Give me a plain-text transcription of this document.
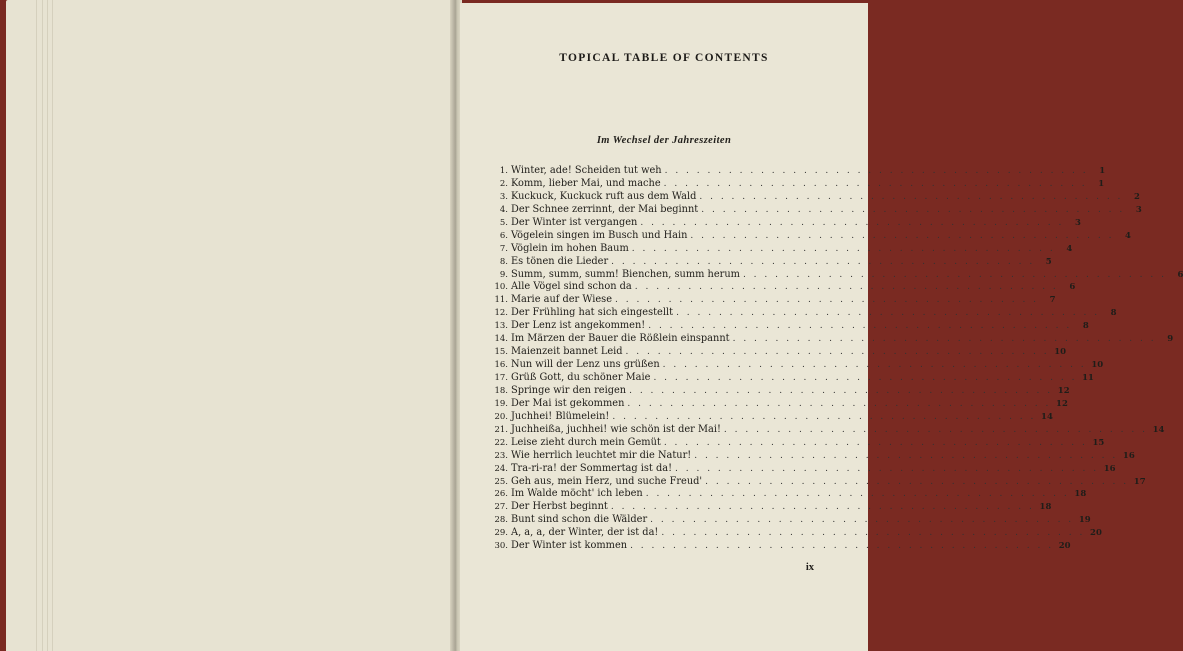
TOPICAL TABLE OF CONTENTS
Im Wechsel der Jahreszeiten
1. Winter, ade! Scheiden tut weh . . . . . . . . . . . . . . . . . . . . . . . . . . . . . . . . . . . . . . . .	1
2. Komm, lieber Mai, und mache . . . . . . . . . . . . . . . . . . . . . . . . . . . . . . . . . . . . . . . .	1
3. Kuckuck, Kuckuck ruft aus dem Wald . . . . . . . . . . . . . . . . . . . . . . . . . . . . . . . . . . . . . . . .	2
4. Der Schnee zerrinnt, der Mai beginnt . . . . . . . . . . . . . . . . . . . . . . . . . . . . . . . . . . . . . . . .	3
5. Der Winter ist vergangen . . . . . . . . . . . . . . . . . . . . . . . . . . . . . . . . . . . . . . . .	3
6. Vögelein singen im Busch und Hain . . . . . . . . . . . . . . . . . . . . . . . . . . . . . . . . . . . . . . . .	4
7. Vöglein im hohen Baum . . . . . . . . . . . . . . . . . . . . . . . . . . . . . . . . . . . . . . . .	4
8. Es tönen die Lieder . . . . . . . . . . . . . . . . . . . . . . . . . . . . . . . . . . . . . . . .	5
9. Summ, summ, summ! Bienchen, summ herum . . . . . . . . . . . . . . . . . . . . . . . . . . . . . . . . . . . . . . . .	6
10. Alle Vögel sind schon da . . . . . . . . . . . . . . . . . . . . . . . . . . . . . . . . . . . . . . . .	6
11. Marie auf der Wiese . . . . . . . . . . . . . . . . . . . . . . . . . . . . . . . . . . . . . . . .	7
12. Der Frühling hat sich eingestellt . . . . . . . . . . . . . . . . . . . . . . . . . . . . . . . . . . . . . . . .	8
13. Der Lenz ist angekommen! . . . . . . . . . . . . . . . . . . . . . . . . . . . . . . . . . . . . . . . .	8
14. Im Märzen der Bauer die Rößlein einspannt . . . . . . . . . . . . . . . . . . . . . . . . . . . . . . . . . . . . . . . .	9
15. Maienzeit bannet Leid . . . . . . . . . . . . . . . . . . . . . . . . . . . . . . . . . . . . . . . . 10
16. Nun will der Lenz uns grüßen . . . . . . . . . . . . . . . . . . . . . . . . . . . . . . . . . . . . . . . . 10
17. Grüß Gott, du schöner Maie . . . . . . . . . . . . . . . . . . . . . . . . . . . . . . . . . . . . . . . . 11
18. Springe wir den reigen . . . . . . . . . . . . . . . . . . . . . . . . . . . . . . . . . . . . . . . . 12
19. Der Mai ist gekommen . . . . . . . . . . . . . . . . . . . . . . . . . . . . . . . . . . . . . . . . 12
20. Juchhei! Blümelein! . . . . . . . . . . . . . . . . . . . . . . . . . . . . . . . . . . . . . . . . 14
21. Juchheißa, juchhei! wie schön ist der Mai! . . . . . . . . . . . . . . . . . . . . . . . . . . . . . . . . . . . . . . . . 14
22. Leise zieht durch mein Gemüt . . . . . . . . . . . . . . . . . . . . . . . . . . . . . . . . . . . . . . . . 15
23. Wie herrlich leuchtet mir die Natur! . . . . . . . . . . . . . . . . . . . . . . . . . . . . . . . . . . . . . . . . 16
24. Tra-ri-ra! der Sommertag ist da! . . . . . . . . . . . . . . . . . . . . . . . . . . . . . . . . . . . . . . . . 16
25. Geh aus, mein Herz, und suche Freud' . . . . . . . . . . . . . . . . . . . . . . . . . . . . . . . . . . . . . . . . 17
26. Im Walde möcht' ich leben . . . . . . . . . . . . . . . . . . . . . . . . . . . . . . . . . . . . . . . . 18
27. Der Herbst beginnt . . . . . . . . . . . . . . . . . . . . . . . . . . . . . . . . . . . . . . . . 18
28. Bunt sind schon die Wälder . . . . . . . . . . . . . . . . . . . . . . . . . . . . . . . . . . . . . . . . 19
29. A, a, a, der Winter, der ist da! . . . . . . . . . . . . . . . . . . . . . . . . . . . . . . . . . . . . . . . . 20
30. Der Winter ist kommen . . . . . . . . . . . . . . . . . . . . . . . . . . . . . . . . . . . . . . . . 20
ix
